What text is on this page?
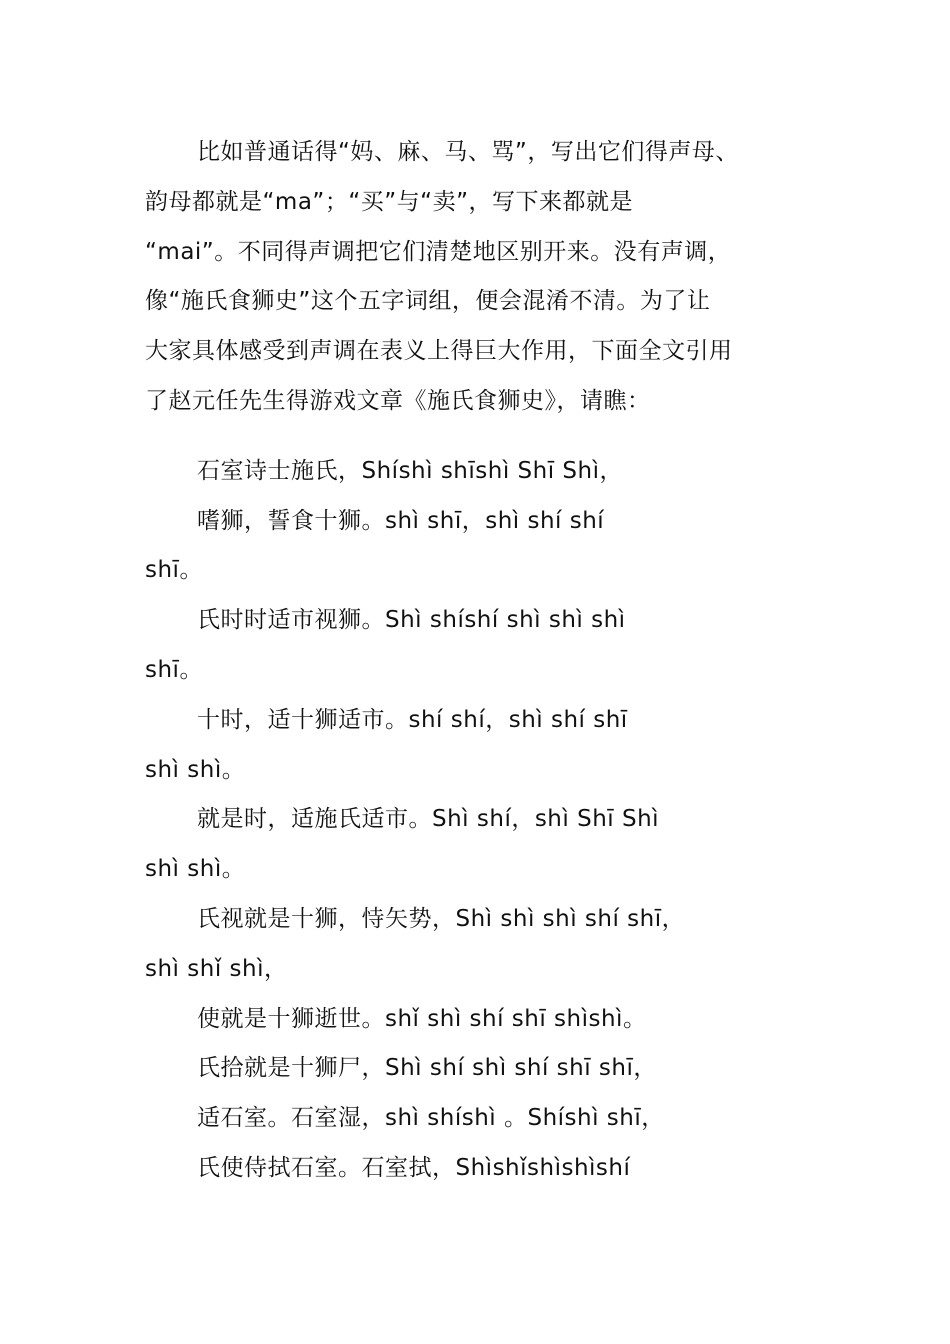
比如普通话得“妈、麻、马、骂”，写出它们得声母、
韵母都就是“ma”；“买”与“卖”，写下来都就是
“mai”。不同得声调把它们清楚地区别开来。没有声调，
像“施氏食狮史”这个五字词组，便会混淆不清。为了让
大家具体感受到声调在表义上得巨大作用，下面全文引用
了赵元任先生得游戏文章《施氏食狮史》，请瞧：
石室诗士施氏，Shíshì shīshì Shī Shì，
嗜狮，誓食十狮。shì shī，shì shí shí
shī。
氏时时适市视狮。Shì shíshí shì shì shì
shī。
十时，适十狮适市。shí shí，shì shí shī
shì shì。
就是时，适施氏适市。Shì shí，shì Shī Shì
shì shì。
氏视就是十狮，恃矢势，Shì shì shì shí shī，
shì shǐ shì，
使就是十狮逝世。shǐ shì shí shī shìshì。
氏拾就是十狮尸，Shì shí shì shí shī shī，
适石室。石室湿，shì shíshì 。Shíshì shī，
氏使侍拭石室。石室拭，Shìshǐshìshìshí
